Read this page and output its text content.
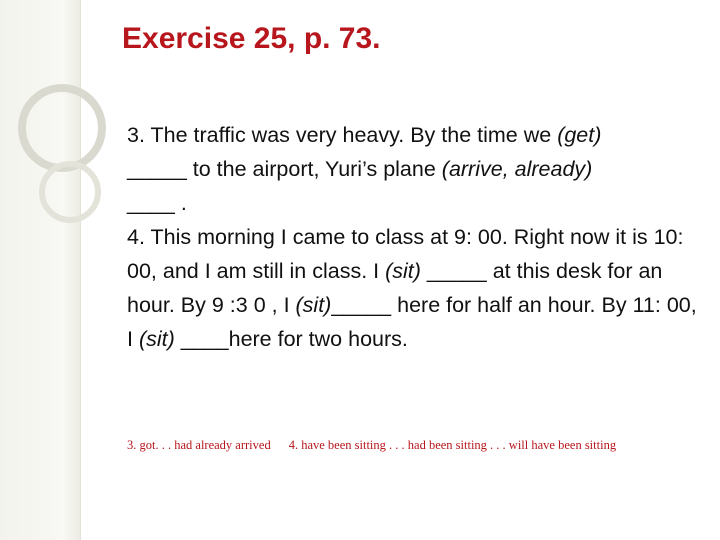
Exercise 25, p. 73.

3. The traffic was very heavy. By the time we (get)
_____ to the airport, Yuri’s plane (arrive, already)
____ .

4. This morning I came to class at 9: 00. Right now it is 10: 00, and I am still in class. I (sit) _____ at this desk for an hour. By 9 :3 0 , I (sit)_____ here for half an hour. By 11: 00, I (sit) ____here for two hours.

3. got. . . had already arrived 4. have been sitting . . . had been sitting . . . will have been sitting
